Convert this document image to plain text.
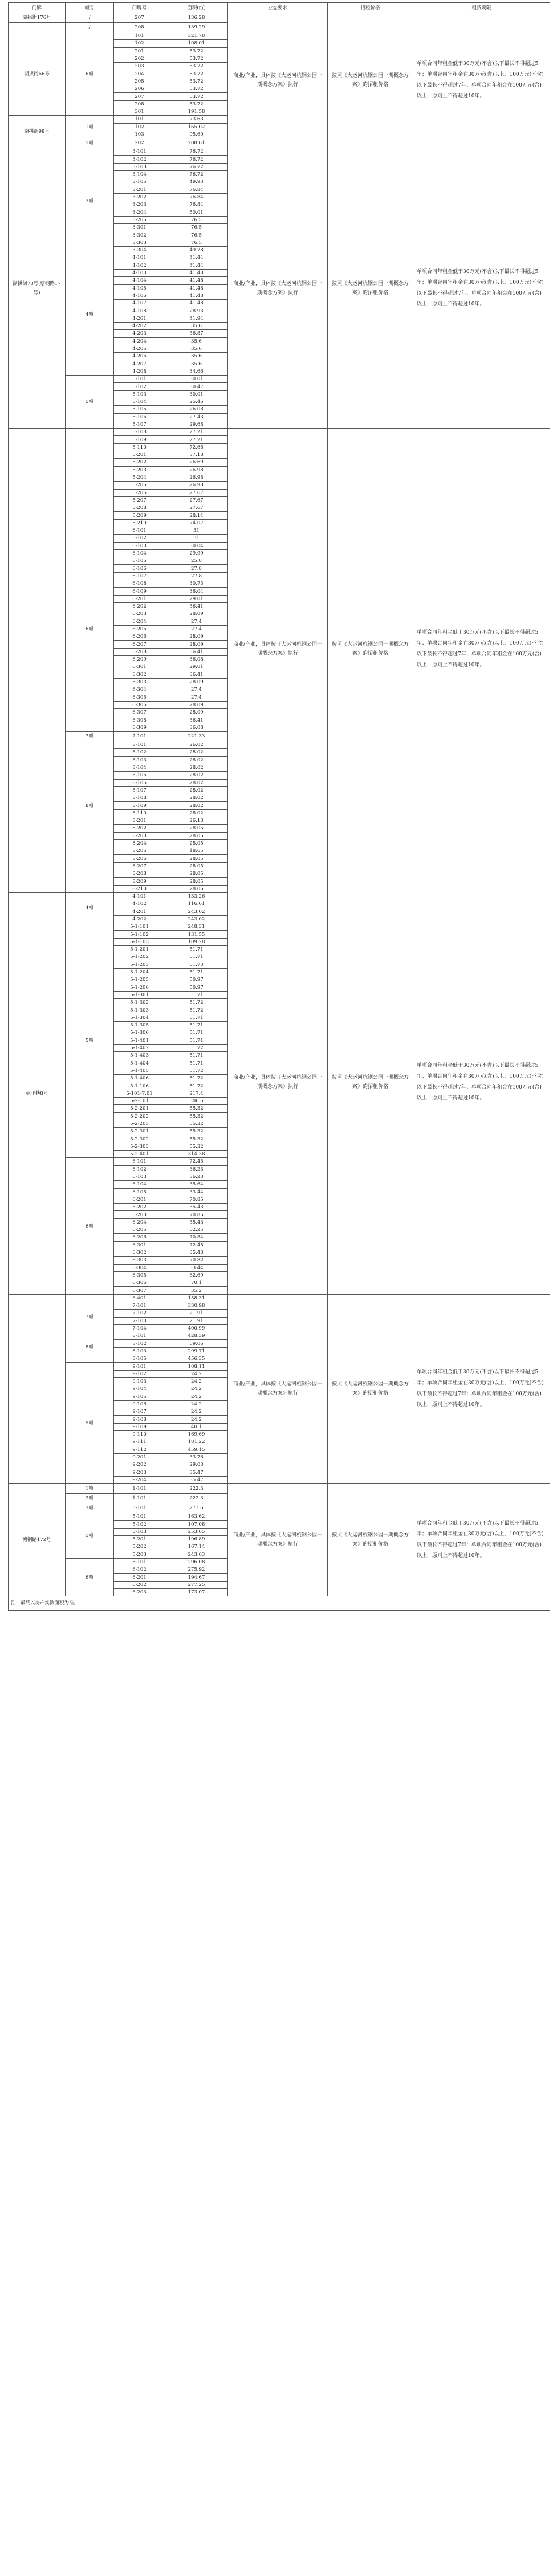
门牌	幢号	门牌号	面积(㎡)	业态要求	招租价格	租赁期限
湖拱街176号	/	207	136.28	商业/产业，具体按《大运河杭钢公园一期概念方案》执行	按照《大运河杭钢公园一期概念方案》的招租价格	单项合同年租金低于30万元(不含)以下最长不得超过5年；单项合同年租金在30万元(含)以上，100万元(不含)以下最长不得超过7年；单项合同年租金在100万元(含)以上，原则上不得超过10年。
	/	208	139.29			
湖拱街66号	6幢	101	321.78			
		102	108.01			
		201	53.72			
		202	53.72			
		203	53.72			
		204	53.72			
		205	53.72			
		206	53.72			
		207	53.72			
		208	53.72			
		301	191.58			
湖拱街98号	1幢	101	73.63			
		102	165.02			
		103	95.60			
	5幢	202	208.61			
湖拱街78号(塘钢路17号)	3幢	3-101	76.72	商业/产业，具体按《大运河杭钢公园一期概念方案》执行	按照《大运河杭钢公园一期概念方案》的招租价格	单项合同年租金低于30万元(不含)以下最长不得超过5年；单项合同年租金在30万元(含)以上，100万元(不含)以下最长不得超过7年；单项合同年租金在100万元(含)以上，原则上不得超过10年。
		3-102	76.72			
		3-103	76.72			
		3-104	76.72			
		3-105	49.93			
		3-201	76.84			
		3-202	76.84			
		3-203	76.84			
		3-204	50.01			
		3-205	76.5			
		3-301	76.5			
		3-302	76.5			
		3-303	76.5			
		3-304	49.78			
	4幢	4-101	31.44			
		4-102	31.44			
		4-103	41.48			
		4-104	41.48			
		4-105	41.48			
		4-106	41.48			
		4-107	41.48			
		4-108	28.93			
		4-201	31.94			
		4-202	35.6			
		4-203	36.87			
		4-204	35.6			
		4-205	35.6			
		4-206	35.6			
		4-207	35.6			
		4-208	34.66			
	5幢	5-101	30.01			
		5-102	30.47			
		5-103	30.01			
		5-104	25.46			
		5-105	26.08			
		5-106	27.43			
		5-107	29.68			
		5-108	27.21	商业/产业，具体按《大运河杭钢公园一期概念方案》执行	按照《大运河杭钢公园一期概念方案》的招租价格	单项合同年租金低于30万元(不含)以下最长不得超过5年；单项合同年租金在30万元(含)以上，100万元(不含)以下最长不得超过7年；单项合同年租金在100万元(含)以上，原则上不得超过10年。
		5-109	27.21			
		5-110	72.66			
		5-201	37.18			
		5-202	26.69			
		5-203	26.98			
		5-204	26.98			
		5-205	26.98			
		5-206	27.67			
		5-207	27.67			
		5-208	27.67			
		5-209	28.14			
		5-210	74.07			
	6幢	6-101	31			
		6-102	31			
		6-103	30.04			
		6-104	29.99			
		6-105	25.8			
		6-106	27.8			
		6-107	27.8			
		6-108	30.73			
		6-109	36.04			
		6-201	29.01			
		6-202	36.41			
		6-203	28.09			
		6-204	27.4			
		6-205	27.4			
		6-206	28.09			
		6-207	28.09			
		6-208	36.41			
		6-209	36.08			
		6-301	29.01			
		6-302	36.41			
		6-303	28.09			
		6-304	27.4			
		6-305	27.4			
		6-306	28.09			
		6-307	28.09			
		6-308	36.41			
		6-309	36.08			
	7幢	7-101	221.33			
	8幢	8-101	26.02			
		8-102	28.02			
		8-103	28.02			
		8-104	28.02			
		8-105	28.02			
		8-106	28.02			
		8-107	28.02			
		8-108	28.02			
		8-109	28.02			
		8-110	28.02			
		8-201	26.13			
		8-202	28.05			
		8-203	28.05			
		8-204	28.05			
		8-205	18.65			
		8-206	28.05			
		8-207	28.05			
		8-208	28.05	商业/产业，具体按《大运河杭钢公园一期概念方案》执行	按照《大运河杭钢公园一期概念方案》的招租价格	单项合同年租金低于30万元(不含)以下最长不得超过5年；单项合同年租金在30万元(含)以上，100万元(不含)以下最长不得超过7年；单项合同年租金在100万元(含)以上，原则上不得超过10年。
		8-209	28.05			
		8-210	28.05			
莫北巷8号	4幢	4-101	133.26			
		4-102	116.61			
		4-201	243.02			
		4-202	243.02			
	5幢	5-1-101	248.31			
		5-1-102	131.55			
		5-1-103	109.28			
		5-1-201	51.71			
		5-1-202	51.71			
		5-1-203	51.73			
		5-1-204	51.71			
		5-1-205	50.97			
		5-1-206	50.97			
		5-1-301	51.71			
		5-1-302	51.72			
		5-1-303	51.72			
		5-1-304	51.71			
		5-1-305	51.71			
		5-1-306	51.71			
		5-1-401	51.71			
		5-1-402	51.72			
		5-1-403	51.71			
		5-1-404	51.71			
		5-1-405	51.72			
		5-1-406	51.72			
		5-1-106	51.72			
		5-101-7.01	217.4			
		5-2-101	306.6			
		5-2-201	55.32			
		5-2-202	55.32			
		5-2-203	55.32			
		5-2-301	55.32			
		5-2-302	55.32			
		5-2-303	55.32			
		5-2-401	314.38			
	6幢	6-101	72.45			
		6-102	36.23			
		6-103	36.23			
		6-104	35.64			
		6-105	33.44			
		6-201	70.85			
		6-202	35.43			
		6-203	70.85			
		6-204	35.43			
		6-205	62.25			
		6-206	70.84			
		6-301	72.45			
		6-302	35.43			
		6-303	70.82			
		6-304	33.44			
		6-305	62.69			
		6-306	70.1			
		6-307	35.2			
		6-401	158.31	商业/产业，具体按《大运河杭钢公园一期概念方案》执行	按照《大运河杭钢公园一期概念方案》的招租价格	单项合同年租金低于30万元(不含)以下最长不得超过5年；单项合同年租金在30万元(含)以上，100万元(不含)以下最长不得超过7年；单项合同年租金在100万元(含)以上，原则上不得超过10年。
	7幢	7-101	330.98			
		7-102	21.91			
		7-103	21.91			
		7-104	400.99			
	8幢	8-101	428.39			
		8-102	69.06			
		8-103	299.71			
		8-105	456.35			
	9幢	9-101	108.11			
		9-102	24.2			
		9-103	24.2			
		9-104	24.2			
		9-105	24.2			
		9-106	24.2			
		9-107	24.2			
		9-108	24.2			
		9-109	40.1			
		9-110	169.69			
		9-111	181.22			
		9-112	459.15			
		9-201	33.76			
		9-202	29.03			
		9-203	35.47			
		9-204	35.47			
塘钢路172号	1幢	1-101	222.3	商业/产业，具体按《大运河杭钢公园一期概念方案》执行	按照《大运河杭钢公园一期概念方案》的招租价格	单项合同年租金低于30万元(不含)以下最长不得超过5年；单项合同年租金在30万元(含)以上，100万元(不含)以下最长不得超过7年；单项合同年租金在100万元(含)以上，原则上不得超过10年。
	2幢	1-101	222.3			
	3幢	3-101	271.6			
	5幢	5-101	163.62			
		5-102	107.08			
		5-103	253.65			
		5-201	196.89			
		5-202	167.14			
		5-203	243.63			
	6幢	6-101	296.08			
		6-102	275.92			
		6-201	194.67			
		6-202	277.25			
		6-203	173.07			
注：最终以房产实测面积为准。						
